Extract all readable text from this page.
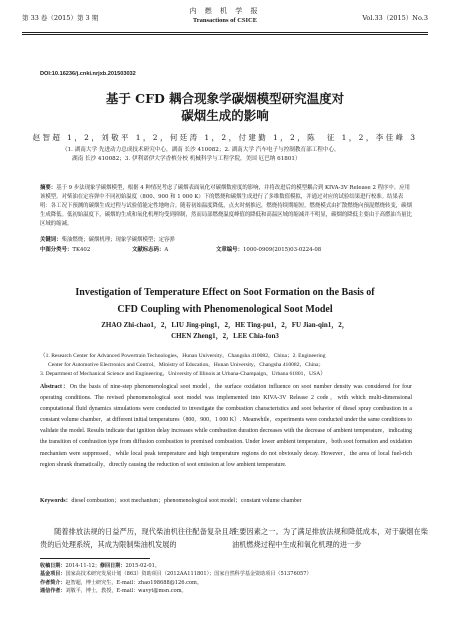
第 33 卷（2015）第 3 期
内 燃 机 学 报
Transactions of CSICE	Vol.33（2015）No.3
DOI:10.16236/j.cnki.nrjxb.201503032
基于 CFD 耦合现象学碳烟模型研究温度对
碳烟生成的影响
赵智超 1，2，刘敬平 1，2，何廷涛 1，2，付建勤 1，2，陈　征 1，2，李佳峰 3
（1. 湖南大学 先进动力总成技术研究中心，湖南 长沙 410082；2. 湖南大学 汽车电子与控制教育部工程中心，
湖南 长沙 410082；3. 伊利诺伊大学香槟分校 机械科学与工程学院，美国 厄巴纳 61801）
摘要：基于 9 步法现象学碳烟模型，根据 4 种情况考虑了碳烟表面氧化对碳烟数密度的影响，并将改进后的模型耦合到 KIVA-3V Release 2 程序中。应用该模型，对柴油在定容弹中不同初始温度（800、900 和 1 000 K）下的燃烧和碳烟生成进行了多维数值模拟，并通过对应的试验结果进行校准。结果表明：各工况下预测的碳烟生成过程与试验值能定性地吻合。随着初始温度降低，点火时刻推迟，燃烧持续期缩短，燃烧模式由扩散燃烧向预混燃烧转变，碳烟生成降低。低初始温度下，碳烟的生成和氧化机理均受到抑制，然而局部燃烧温度峰值的降低和高温区域的缩减并不明显，碳烟的降低主要由于高燃油当量比区域的缩减。
关键词：柴油燃烧；碳烟机理；现象学碳烟模型；定容弹
中图分类号：TK402	文献标志码：A	文章编号：1000-0909(2015)03-0224-08
Investigation of Temperature Effect on Soot Formation on the Basis of
CFD Coupling with Phenomenological Soot Model
ZHAO Zhi-chao1，2，LIU Jing-ping1，2，HE Ting-pu1，2，FU Jian-qin1，2，
CHEN Zheng1，2，LEE Chia-fon3
（1. Research Center for Advanced Powertrain Technologies，Hunan University，Changsha 410082，China；2. Engineering
Center for Automotive Electronics and Control，Ministry of Education，Hunan University，Changsha 410082，China；
3. Department of Mechanical Science and Engineering，University of Illinois at Urbana-Champaign，Urbana 61801，USA）
Abstract：On the basis of nine-step phenomenological soot model，the surface oxidation influence on soot number density was considered for four operating conditions. The revised phenomenological soot model was implemented into KIVA-3V Release 2 code，with which multi-dimensional computational fluid dynamics simulations were conducted to investigate the combustion characteristics and soot behavior of diesel spray combustion in a constant volume chamber，at different initial temperatures（800，900，1 000 K）. Meanwhile，experiments were conducted under the same conditions to validate the model. Results indicate that ignition delay increases while combustion duration decreases with the decrease of ambient temperature，indicating the transition of combustion type from diffusion combustion to premixed combustion. Under lower ambient temperature，both soot formation and oxidation mechanism were suppressed，while local peak temperature and high temperature regions do not obviously decay. However，the area of local fuel-rich region shrank dramatically，directly causing the reduction of soot emission at low ambient temperature.
Keywords：diesel combustion；soot mechanism；phenomenological soot model；constant volume chamber
随着排放法规的日益严历，现代柴油机往往配备复杂且昂贵的后处理系统，其成为限制柴油机发展的
主要因素之一。为了满足排放法规和降低成本，对于碳烟在柴油机燃烧过程中生成和氧化机理的进一步
收稿日期：2014-11-12；修回日期：2015-02-01。
基金项目：国家高技术研究发展计划（863）资助项目（2012AA111801）；国家自然科学基金资助项目（51376057）
作者简介：赵智超，博士研究生，E-mail：zhao198688@126.com。
通信作者：刘敬平，博士，教授，E-mail：wavyt@msn.com。
